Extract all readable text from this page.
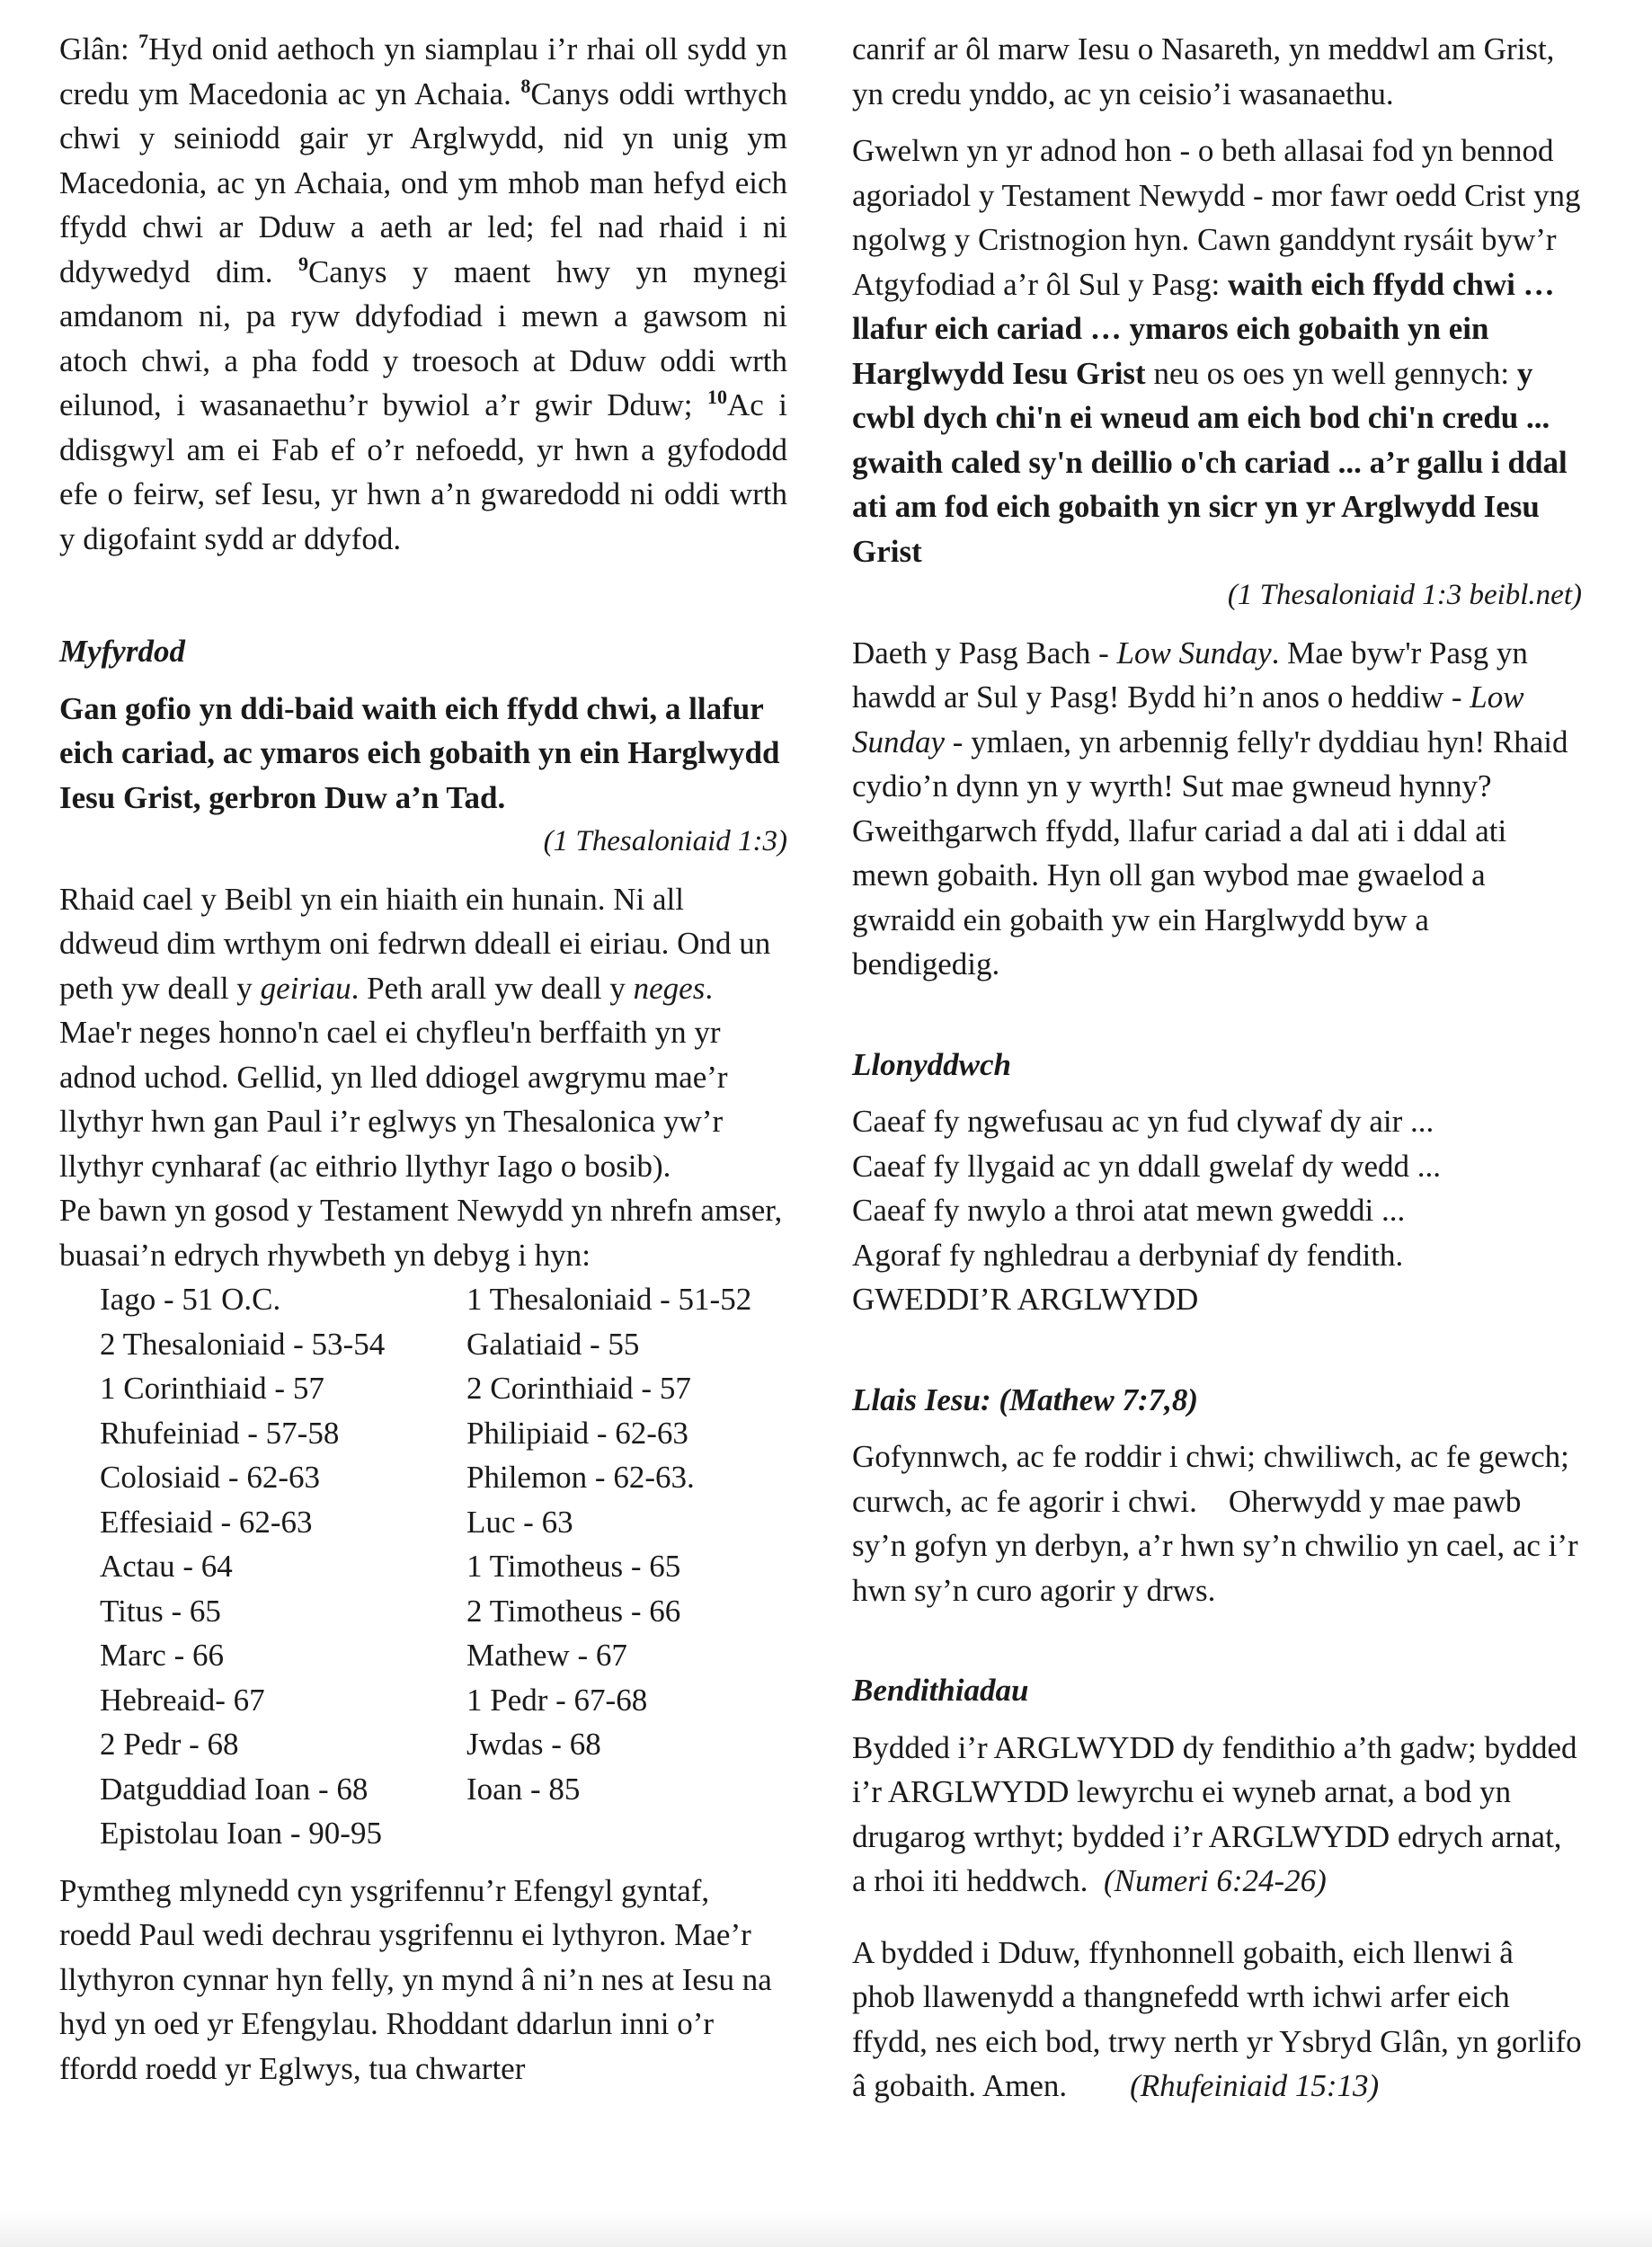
Glân: $^7$Hyd onid aethoch yn siamplau i’r rhai oll sydd yn credu ym Macedonia ac yn Achaia. $^8$Canys oddi wrthych chwi y seiniodd gair yr Arglwydd, nid yn unig ym Macedonia, ac yn Achaia, ond ym mhob man hefyd eich ffydd chwi ar Dduw a aeth ar led; fel nad rhaid i ni ddywedyd dim. $^9$Canys y maent hwy yn mynegi amdanom ni, pa ryw ddyfodiad i mewn a gawsom ni atoch chwi, a pha fodd y troesoch at Dduw oddi wrth eilunod, i wasanaethu’r bywiol a’r gwir Dduw; $^{10}$Ac i ddisgwyl am ei Fab ef o’r nefoedd, yr hwn a gyfododd efe o feirw, sef Iesu, yr hwn a’n gwaredodd ni oddi wrth y digofaint sydd ar ddyfod.

Myfyrdod

Gan gofio yn ddi-baid waith eich ffydd chwi, a llafur eich cariad, ac ymaros eich gobaith yn ein Harglwydd Iesu Grist, gerbron Duw a’n Tad.

(1 Thesaloniaid 1:3)

Rhaid cael y Beibl yn ein hiaith ein hunain. Ni all ddweud dim wrthym oni fedrwn ddeall ei eiriau. Ond un peth yw deall y geiriau. Peth arall yw deall y neges. Mae'r neges honno'n cael ei chyfleu'n berffaith yn yr adnod uchod. Gellid, yn lled ddiogel awgrymu mae’r llythyr hwn gan Paul i’r eglwys yn Thesalonica yw’r llythyr cynharaf (ac eithrio llythyr Iago o bosib).

Pe bawn yn gosod y Testament Newydd yn nhrefn amser, buasai’n edrych rhywbeth yn debyg i hyn:

Iago - 51 O.C.	1 Thesaloniaid - 51-52
2 Thesaloniaid - 53-54	Galatiaid - 55
1 Corinthiaid - 57	2 Corinthiaid - 57
Rhufeiniad - 57-58	Philipiaid - 62-63
Colosiaid - 62-63	Philemon - 62-63.
Effesiaid - 62-63	Luc - 63
Actau - 64	1 Timotheus - 65
Titus - 65	2 Timotheus - 66
Marc - 66	Mathew - 67
Hebreaid- 67	1 Pedr - 67-68
2 Pedr - 68	Jwdas - 68
Datguddiad Ioan - 68	Ioan - 85
Epistolau Ioan - 90-95

Pymtheg mlynedd cyn ysgrifennu’r Efengyl gyntaf, roedd Paul wedi dechrau ysgrifennu ei lythyron. Mae’r llythyron cynnar hyn felly, yn mynd â ni’n nes at Iesu na hyd yn oed yr Efengylau. Rhoddant ddarlun inni o’r ffordd roedd yr Eglwys, tua chwarter

canrif ar ôl marw Iesu o Nasareth, yn meddwl am Grist, yn credu ynddo, ac yn ceisio’i wasanaethu.

Gwelwn yn yr adnod hon - o beth allasai fod yn bennod agoriadol y Testament Newydd - mor fawr oedd Crist yng ngolwg y Cristnogion hyn. Cawn ganddynt rysáit byw’r Atgyfodiad a’r ôl Sul y Pasg: waith eich ffydd chwi … llafur eich cariad … ymaros eich gobaith yn ein Harglwydd Iesu Grist neu os oes yn well gennych: y cwbl dych chi'n ei wneud am eich bod chi'n credu ... gwaith caled sy'n deillio o'ch cariad ... a’r gallu i ddal ati am fod eich gobaith yn sicr yn yr Arglwydd Iesu Grist

(1 Thesaloniaid 1:3 beibl.net)

Daeth y Pasg Bach - Low Sunday. Mae byw'r Pasg yn hawdd ar Sul y Pasg! Bydd hi’n anos o heddiw - Low Sunday - ymlaen, yn arbennig felly'r dyddiau hyn! Rhaid cydio’n dynn yn y wyrth! Sut mae gwneud hynny? Gweithgarwch ffydd, llafur cariad a dal ati i ddal ati mewn gobaith. Hyn oll gan wybod mae gwaelod a gwraidd ein gobaith yw ein Harglwydd byw a bendigedig.

Llonyddwch

Caeaf fy ngwefusau ac yn fud clywaf dy air ...

Caeaf fy llygaid ac yn ddall gwelaf dy wedd ...

Caeaf fy nwylo a throi atat mewn gweddi ...

Agoraf fy nghledrau a derbyniaf dy fendith.

GWEDDI’R ARGLWYDD

Llais Iesu: (Mathew 7:7,8)

Gofynnwch, ac fe roddir i chwi; chwiliwch, ac fe gewch; curwch, ac fe agorir i chwi.    Oherwydd y mae pawb sy’n gofyn yn derbyn, a’r hwn sy’n chwilio yn cael, ac i’r hwn sy’n curo agorir y drws.

Bendithiadau

Bydded i’r ARGLWYDD dy fendithio a’th gadw; bydded i’r ARGLWYDD lewyrchu ei wyneb arnat, a bod yn drugarog wrthyt; bydded i’r ARGLWYDD edrych arnat, a rhoi iti heddwch. (Numeri 6:24-26)

A bydded i Dduw, ffynhonnell gobaith, eich llenwi â phob llawenydd a thangnefedd wrth ichwi arfer eich ffydd, nes eich bod, trwy nerth yr Ysbryd Glân, yn gorlifo â gobaith. Amen. (Rhufeiniaid 15:13)
